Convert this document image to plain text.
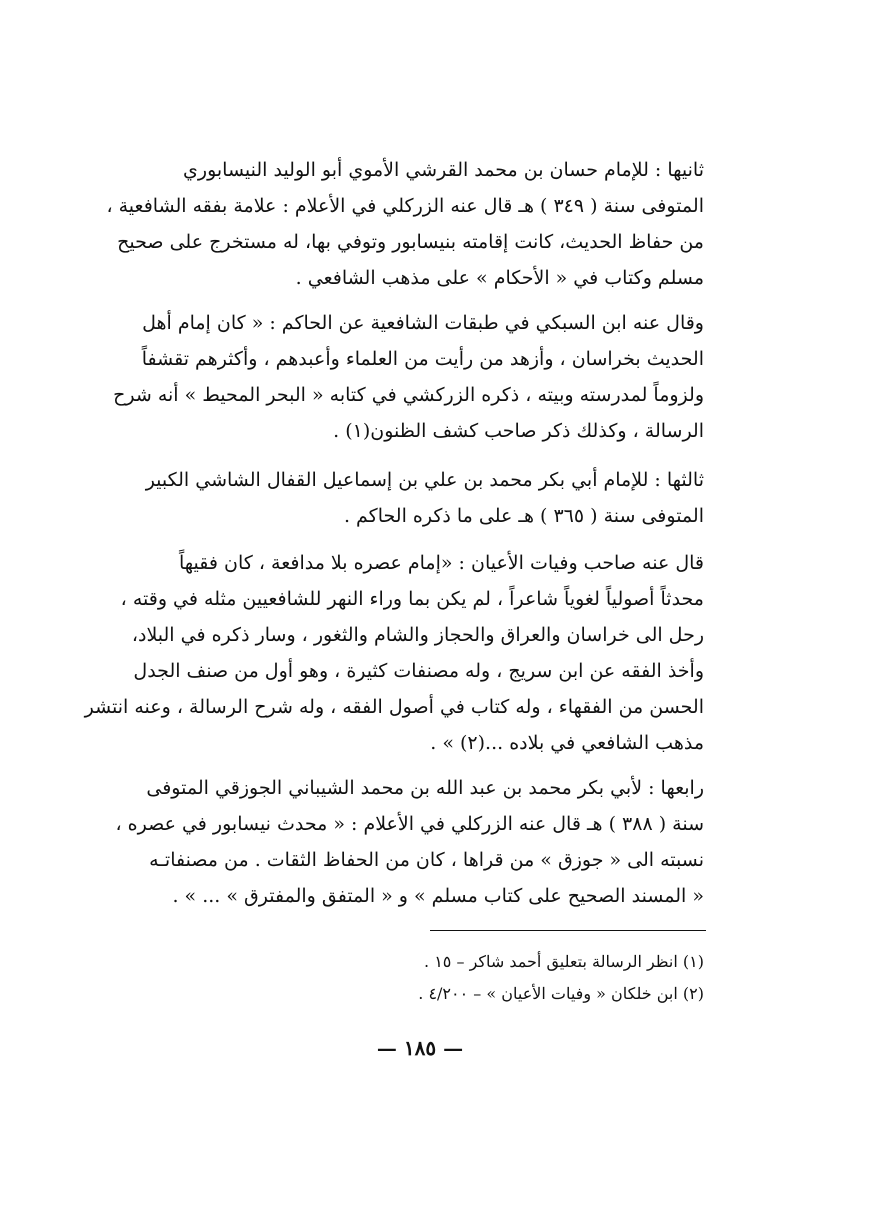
ثانيها : للإمام حسان بن محمد القرشي الأموي أبو الوليد النيسابوري
المتوفى سنة ( ٣٤٩ ) هـ قال عنه الزركلي في الأعلام : علامة بفقه الشافعية ،
من حفاظ الحديث، كانت إقامته بنيسابور وتوفي بها، له مستخرج على صحيح
مسلم وكتاب في « الأحكام » على مذهب الشافعي .
وقال عنه ابن السبكي في طبقات الشافعية عن الحاكم : « كان إمام أهل
الحديث بخراسان ، وأزهد من رأيت من العلماء وأعبدهم ، وأكثرهم تقشفاً
ولزوماً لمدرسته وبيته ، ذكره الزركشي في كتابه « البحر المحيط » أنه شرح
الرسالة ، وكذلك ذكر صاحب كشف الظنون(١) .
ثالثها : للإمام أبي بكر محمد بن علي بن إسماعيل القفال الشاشي الكبير
المتوفى سنة ( ٣٦٥ ) هـ على ما ذكره الحاكم .
قال عنه صاحب وفيات الأعيان : «إمام عصره بلا مدافعة ، كان فقيهاً
محدثاً أصولياً لغوياً شاعراً ، لم يكن بما وراء النهر للشافعيين مثله في وقته ،
رحل الى خراسان والعراق والحجاز والشام والثغور ، وسار ذكره في البلاد،
وأخذ الفقه عن ابن سريج ، وله مصنفات كثيرة ، وهو أول من صنف الجدل
الحسن من الفقهاء ، وله كتاب في أصول الفقه ، وله شرح الرسالة ، وعنه انتشر
مذهب الشافعي في بلاده ...(٢) » .
رابعها : لأبي بكر محمد بن عبد الله بن محمد الشيباني الجوزقي المتوفى
سنة ( ٣٨٨ ) هـ قال عنه الزركلي في الأعلام : « محدث نيسابور في عصره ،
نسبته الى « جوزق » من قراها ، كان من الحفاظ الثقات . من مصنفاتـه
« المسند الصحيح على كتاب مسلم » و « المتفق والمفترق » ... » .
(١) انظر الرسالة بتعليق أحمد شاكر – ١٥ .
(٢) ابن خلكان « وفيات الأعيان » – ٤/٢٠٠ .
— ١٨٥ —
